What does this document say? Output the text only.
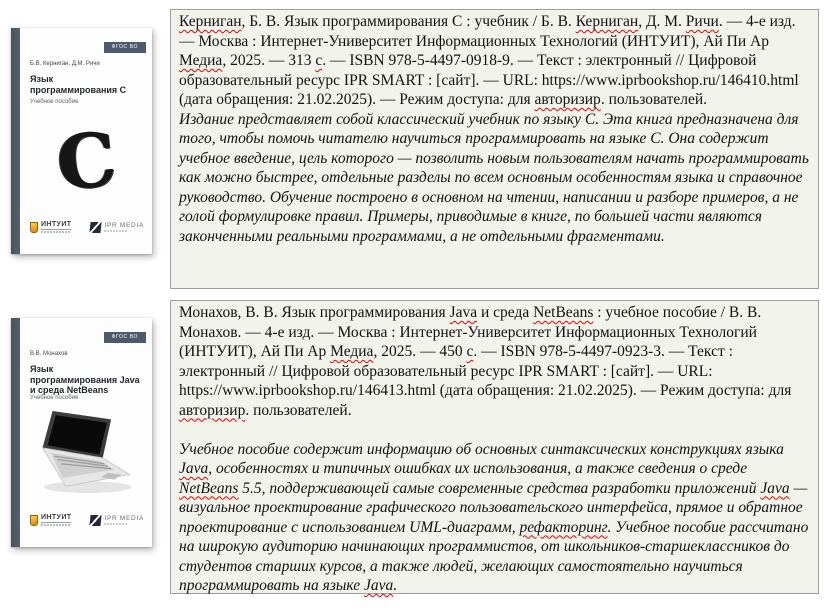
ФГОС ВО
Б.В. Керниган, Д.М. Ричи
Язык программирования C
Учебное пособие
C
ИНТУИТ	IPR MEDIA
Керниган, Б. В. Язык программирования C : учебник / Б. В. Керниган, Д. М. Ричи. — 4-е изд. — Москва : Интернет-Университет Информационных Технологий (ИНТУИТ), Ай Пи Ар Медиа, 2025. — 313 с. — ISBN 978-5-4497-0918-9. — Текст : электронный // Цифровой образовательный ресурс IPR SMART : [сайт]. — URL: https://www.iprbookshop.ru/146410.html (дата обращения: 21.02.2025). — Режим доступа: для авторизир. пользователей.
Издание представляет собой классический учебник по языку C. Эта книга предназначена для того, чтобы помочь читателю научиться программировать на языке C. Она содержит учебное введение, цель которого — позволить новым пользователям начать программировать как можно быстрее, отдельные разделы по всем основным особенностям языка и справочное руководство. Обучение построено в основном на чтении, написании и разборе примеров, а не голой формулировке правил. Примеры, приводимые в книге, по большей части являются законченными реальными программами, а не отдельными фрагментами.
ФГОС ВО
В.В. Монахов
Язык программирования Java и среда NetBeans
Учебное пособие
ИНТУИТ	IPR MEDIA
Монахов, В. В. Язык программирования Java и среда NetBeans : учебное пособие / В. В. Монахов. — 4-е изд. — Москва : Интернет-Университет Информационных Технологий (ИНТУИТ), Ай Пи Ар Медиа, 2025. — 450 с. — ISBN 978-5-4497-0923-3. — Текст : электронный // Цифровой образовательный ресурс IPR SMART : [сайт]. — URL: https://www.iprbookshop.ru/146413.html (дата обращения: 21.02.2025). — Режим доступа: для авторизир. пользователей.
Учебное пособие содержит информацию об основных синтаксических конструкциях языка Java, особенностях и типичных ошибках их использования, а также сведения о среде NetBeans 5.5, поддерживающей самые современные средства разработки приложений Java — визуальное проектирование графического пользовательского интерфейса, прямое и обратное проектирование с использованием UML-диаграмм, рефакторинг. Учебное пособие рассчитано на широкую аудиторию начинающих программистов, от школьников-старшеклассников до студентов старших курсов, а также людей, желающих самостоятельно научиться программировать на языке Java.
